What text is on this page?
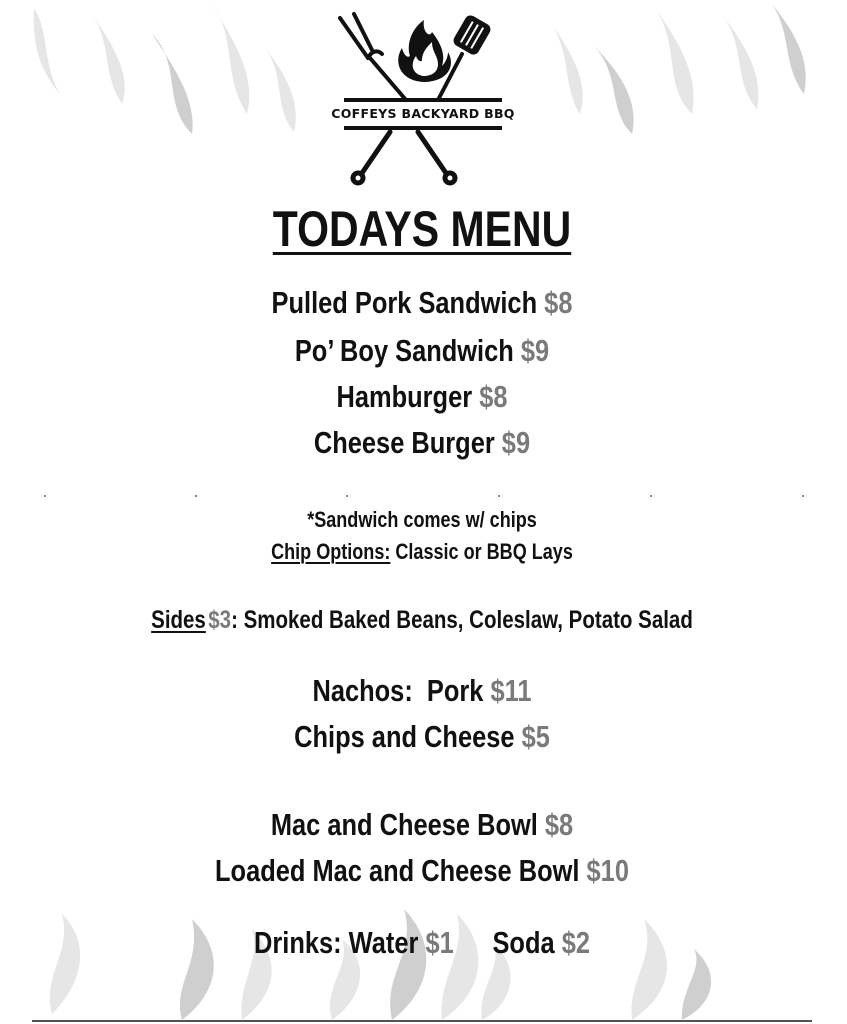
COFFEYS BACKYARD BBQ
TODAYS MENU
Pulled Pork Sandwich $8
Po’ Boy Sandwich $9
Hamburger $8
Cheese Burger $9
*Sandwich comes w/ chips
Chip Options: Classic or BBQ Lays
Sides $3: Smoked Baked Beans, Coleslaw, Potato Salad
Nachos:  Pork $11
Chips and Cheese $5
Mac and Cheese Bowl $8
Loaded Mac and Cheese Bowl $10
Drinks: Water $1 Soda $2
